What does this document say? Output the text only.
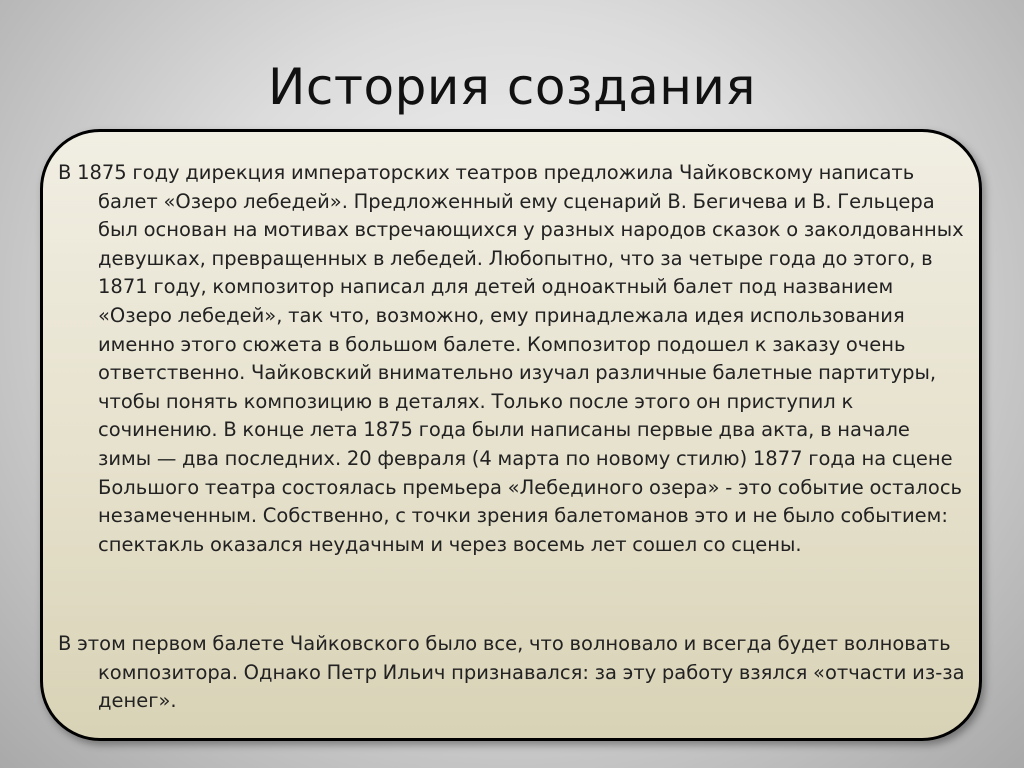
История создания

В 1875 году дирекция императорских театров предложила Чайковскому написать балет «Озеро лебедей». Предложенный ему сценарий В. Бегичева и В. Гельцера был основан на мотивах встречающихся у разных народов сказок о заколдованных девушках, превращенных в лебедей. Любопытно, что за четыре года до этого, в 1871 году, композитор написал для детей одноактный балет под названием «Озеро лебедей», так что, возможно, ему принадлежала идея использования именно этого сюжета в большом балете. Композитор подошел к заказу очень ответственно. Чайковский внимательно изучал различные балетные партитуры, чтобы понять композицию в деталях. Только после этого он приступил к сочинению. В конце лета 1875 года были написаны первые два акта, в начале зимы — два последних. 20 февраля (4 марта по новому стилю) 1877 года на сцене Большого театра состоялась премьера «Лебединого озера» - это событие осталось незамеченным. Собственно, с точки зрения балетоманов это и не было событием: спектакль оказался неудачным и через восемь лет сошел со сцены.

В этом первом балете Чайковского было все, что волновало и всегда будет волновать композитора. Однако Петр Ильич признавался: за эту работу взялся «отчасти из-за денег».
